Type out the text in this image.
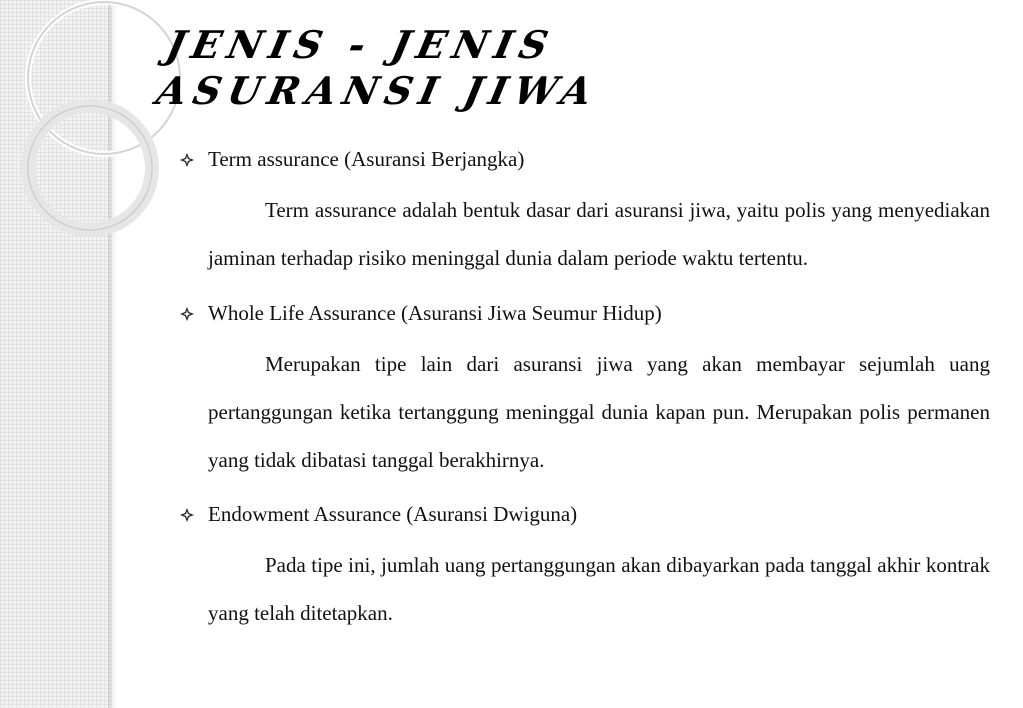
JENIS - JENIS
ASURANSI JIWA

Term assurance (Asuransi Berjangka)

Term assurance adalah bentuk dasar dari asuransi jiwa, yaitu polis yang menyediakan jaminan terhadap risiko meninggal dunia dalam periode waktu tertentu.

Whole Life Assurance (Asuransi Jiwa Seumur Hidup)

Merupakan tipe lain dari asuransi jiwa yang akan membayar sejumlah uang pertanggungan ketika tertanggung meninggal dunia kapan pun. Merupakan polis permanen yang tidak dibatasi tanggal berakhirnya.

Endowment Assurance (Asuransi Dwiguna)

Pada tipe ini, jumlah uang pertanggungan akan dibayarkan pada tanggal akhir kontrak yang telah ditetapkan.
